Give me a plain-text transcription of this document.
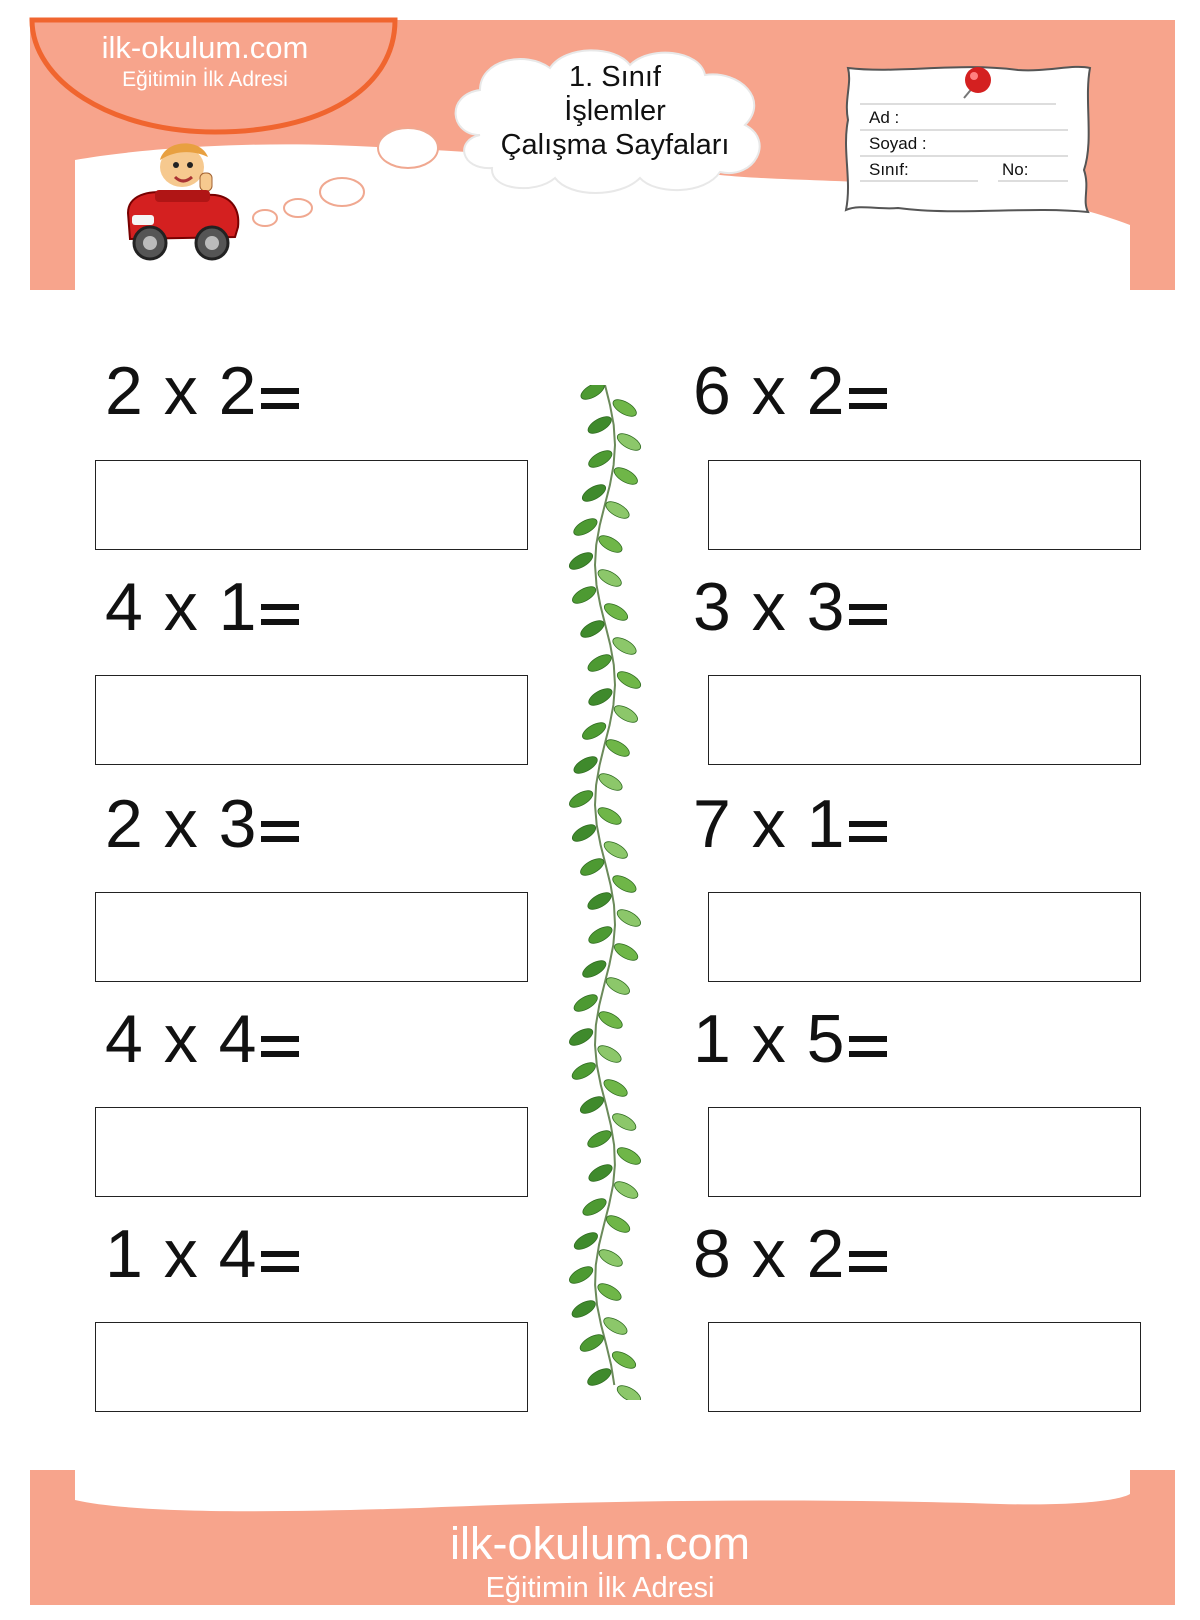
ilk-okulum.com
Eğitimin İlk Adresi	1. Sınıf
İşlemler
Çalışma Sayfaları
Ad :
Soyad :
Sınıf:	No:
2 x 2
4 x 1
2 x 3
4 x 4
1 x 4
6 x 2
3 x 3
7 x 1
1 x 5
8 x 2
ilk-okulum.com
Eğitimin İlk Adresi
